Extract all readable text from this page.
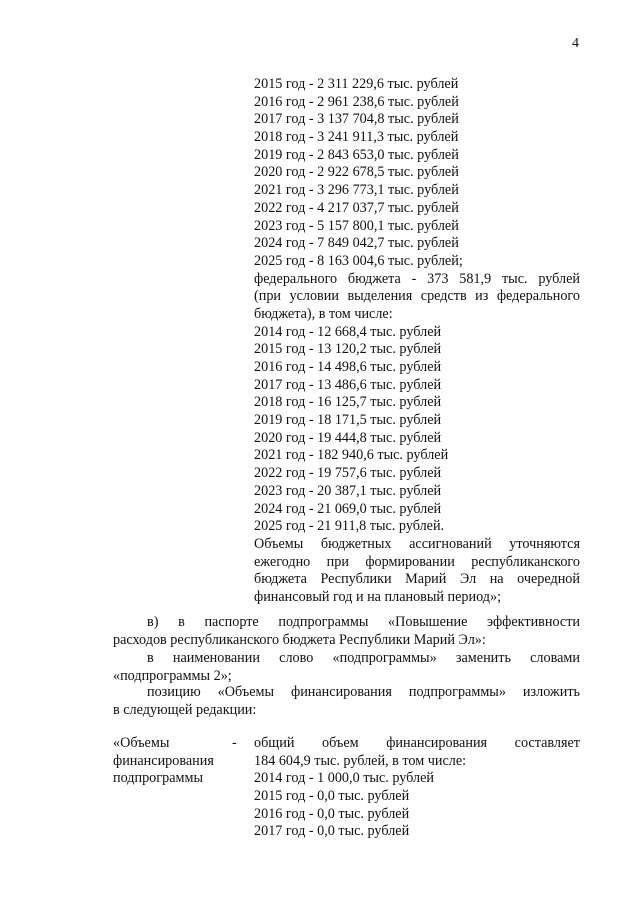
4
2015 год - 2 311 229,6 тыс. рублей
2016 год - 2 961 238,6 тыс. рублей
2017 год - 3 137 704,8 тыс. рублей
2018 год - 3 241 911,3 тыс. рублей
2019 год - 2 843 653,0 тыс. рублей
2020 год - 2 922 678,5 тыс. рублей
2021 год - 3 296 773,1 тыс. рублей
2022 год - 4 217 037,7 тыс. рублей
2023 год - 5 157 800,1 тыс. рублей
2024 год - 7 849 042,7 тыс. рублей
2025 год - 8 163 004,6 тыс. рублей;
федерального бюджета - 373 581,9 тыс. рублей
(при условии выделения средств из федерального
бюджета), в том числе:
2014 год - 12 668,4 тыс. рублей
2015 год - 13 120,2 тыс. рублей
2016 год - 14 498,6 тыс. рублей
2017 год - 13 486,6 тыс. рублей
2018 год - 16 125,7 тыс. рублей
2019 год - 18 171,5 тыс. рублей
2020 год - 19 444,8 тыс. рублей
2021 год - 182 940,6 тыс. рублей
2022 год - 19 757,6 тыс. рублей
2023 год - 20 387,1 тыс. рублей
2024 год - 21 069,0 тыс. рублей
2025 год - 21 911,8 тыс. рублей.
Объемы бюджетных ассигнований уточняются
ежегодно при формировании республиканского
бюджета Республики Марий Эл на очередной
финансовый год и на плановый период»;
в) в паспорте подпрограммы «Повышение эффективности
расходов республиканского бюджета Республики Марий Эл»:
в наименовании слово «подпрограммы» заменить словами
«подпрограммы 2»;
позицию «Объемы финансирования подпрограммы» изложить
в следующей редакции:
«Объемы
финансирования
подпрограммы
- общий объем финансирования составляет
184 604,9 тыс. рублей, в том числе:
2014 год - 1 000,0 тыс. рублей
2015 год - 0,0 тыс. рублей
2016 год - 0,0 тыс. рублей
2017 год - 0,0 тыс. рублей
